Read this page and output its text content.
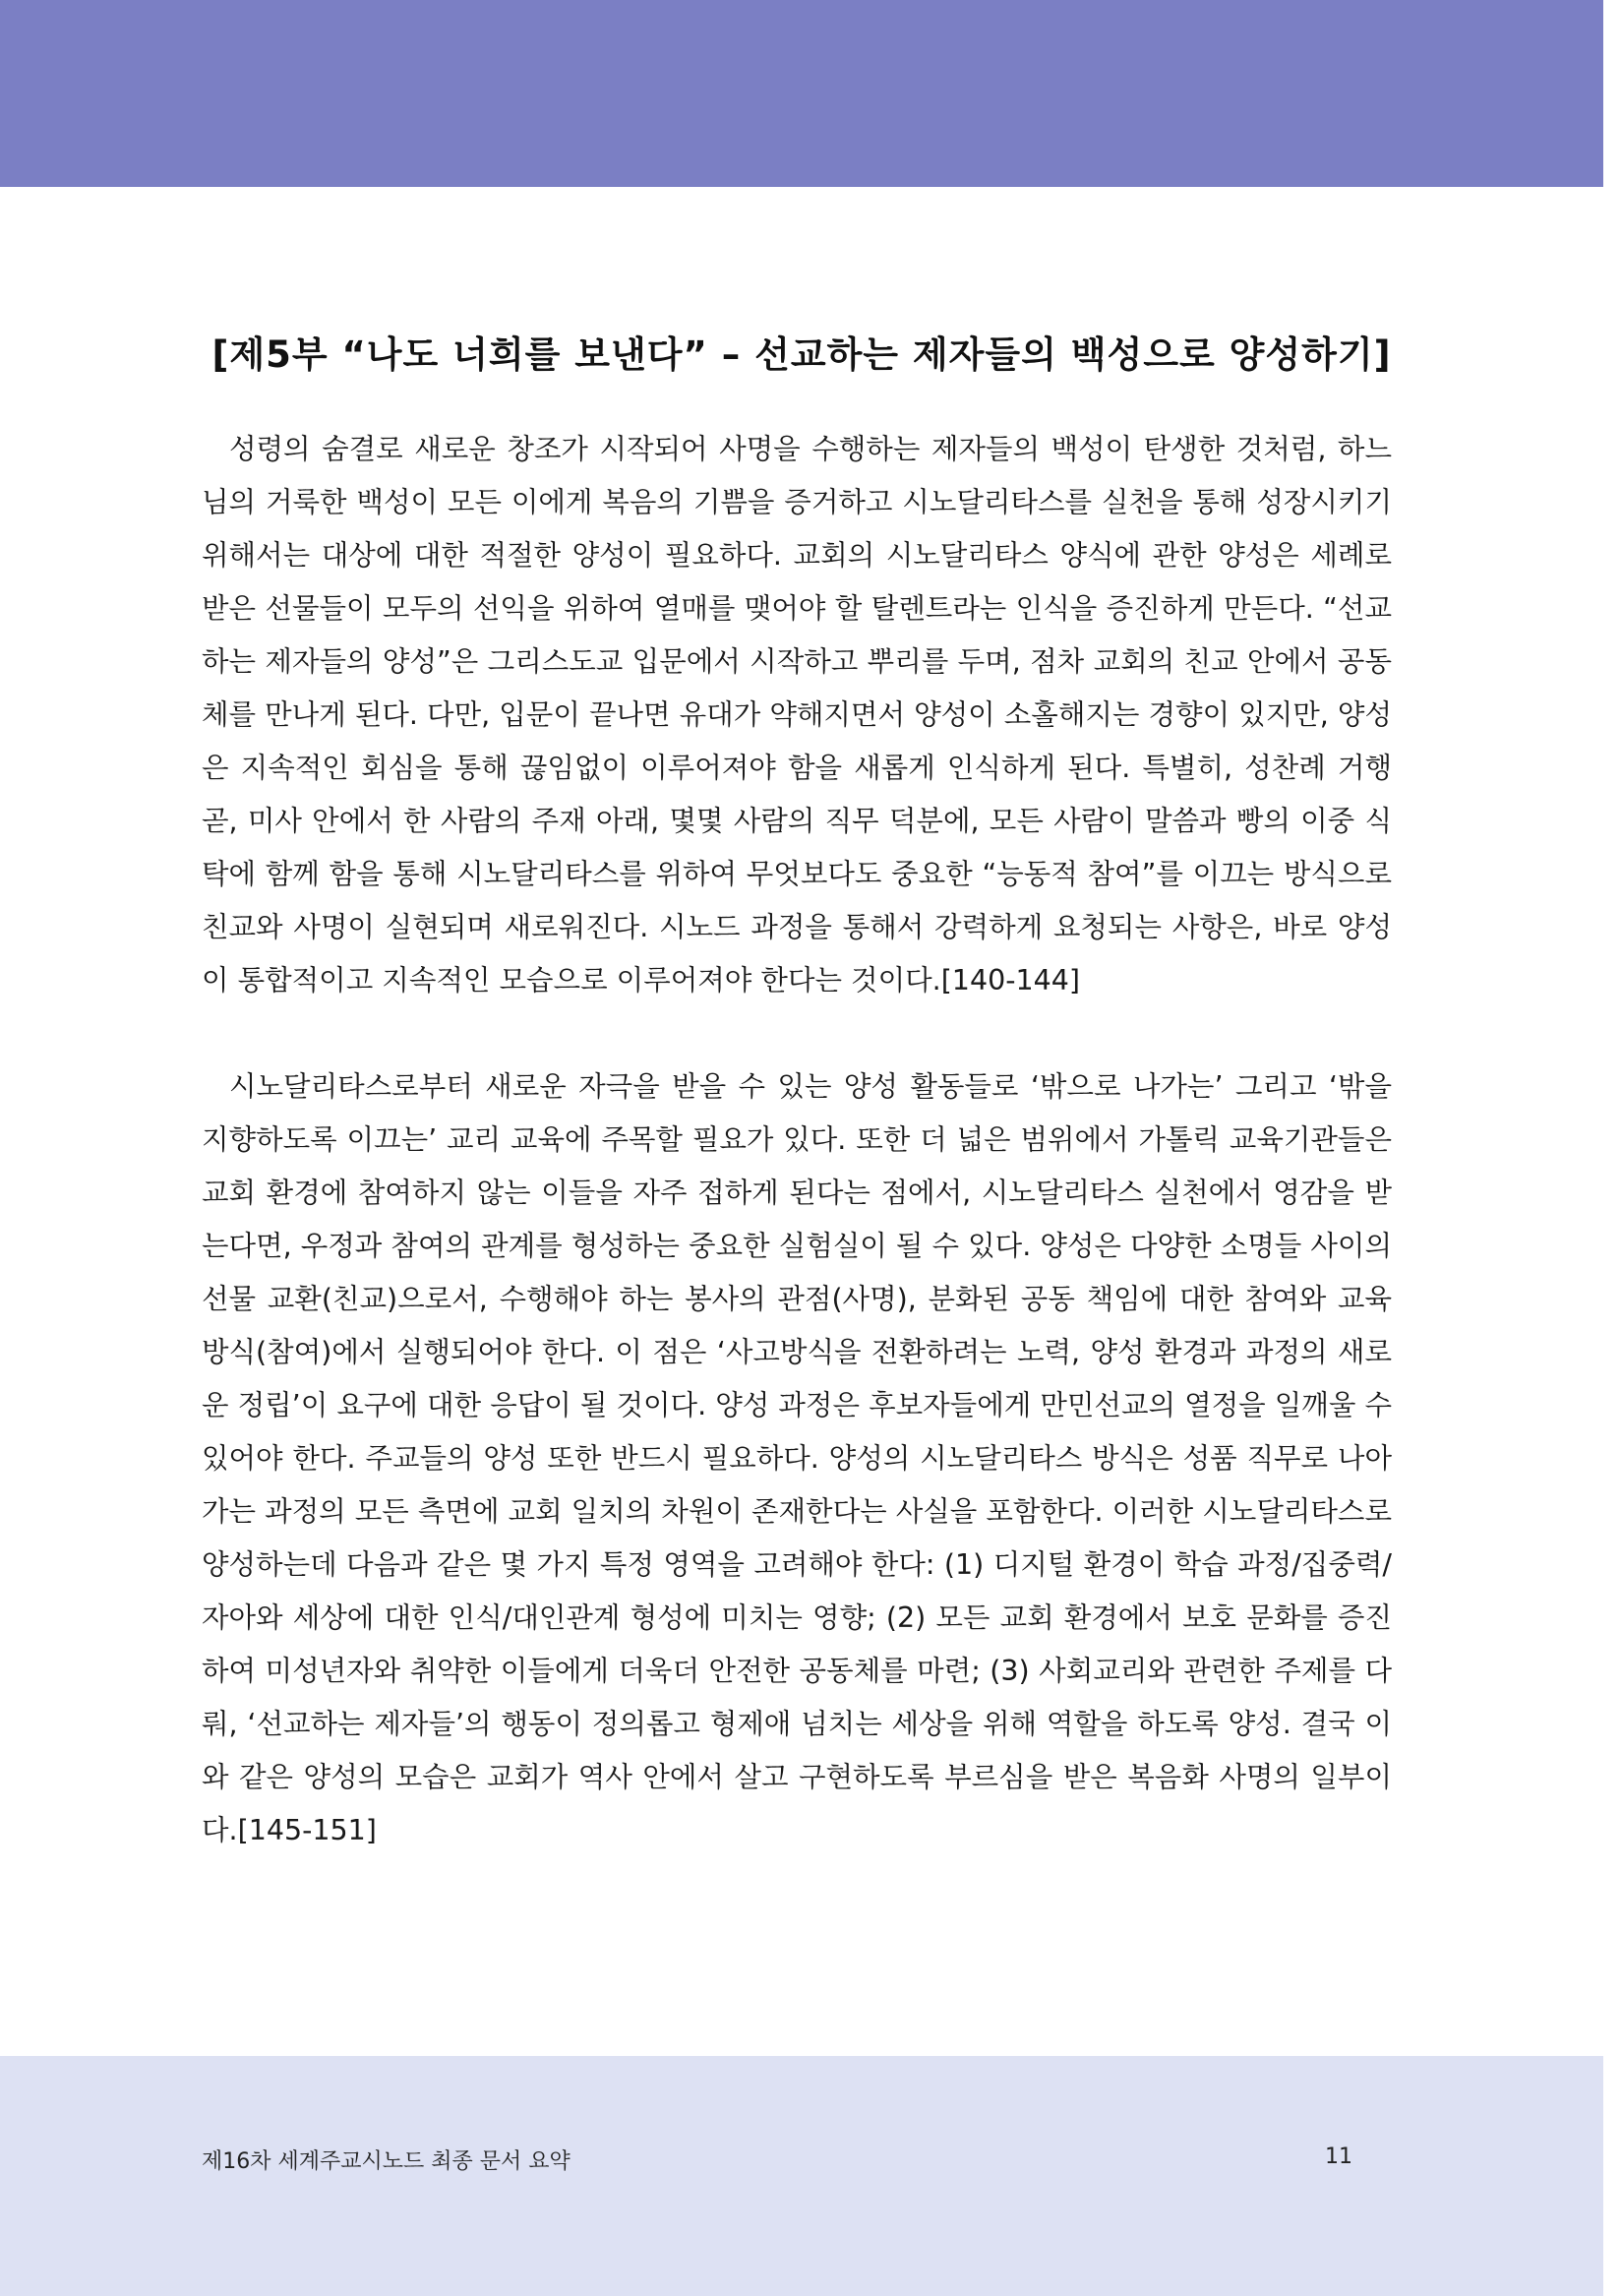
[제5부 “나도 너희를 보낸다” – 선교하는 제자들의 백성으로 양성하기]

성령의 숨결로 새로운 창조가 시작되어 사명을 수행하는 제자들의 백성이 탄생한 것처럼, 하느님의 거룩한 백성이 모든 이에게 복음의 기쁨을 증거하고 시노달리타스를 실천을 통해 성장시키기 위해서는 대상에 대한 적절한 양성이 필요하다. 교회의 시노달리타스 양식에 관한 양성은 세례로 받은 선물들이 모두의 선익을 위하여 열매를 맺어야 할 탈렌트라는 인식을 증진하게 만든다. “선교하는 제자들의 양성”은 그리스도교 입문에서 시작하고 뿌리를 두며, 점차 교회의 친교 안에서 공동체를 만나게 된다. 다만, 입문이 끝나면 유대가 약해지면서 양성이 소홀해지는 경향이 있지만, 양성은 지속적인 회심을 통해 끊임없이 이루어져야 함을 새롭게 인식하게 된다. 특별히, 성찬례 거행 곧, 미사 안에서 한 사람의 주재 아래, 몇몇 사람의 직무 덕분에, 모든 사람이 말씀과 빵의 이중 식탁에 함께 함을 통해 시노달리타스를 위하여 무엇보다도 중요한 “능동적 참여”를 이끄는 방식으로 친교와 사명이 실현되며 새로워진다. 시노드 과정을 통해서 강력하게 요청되는 사항은, 바로 양성이 통합적이고 지속적인 모습으로 이루어져야 한다는 것이다.[140-144]

시노달리타스로부터 새로운 자극을 받을 수 있는 양성 활동들로 ‘밖으로 나가는’ 그리고 ‘밖을 지향하도록 이끄는’ 교리 교육에 주목할 필요가 있다. 또한 더 넓은 범위에서 가톨릭 교육기관들은 교회 환경에 참여하지 않는 이들을 자주 접하게 된다는 점에서, 시노달리타스 실천에서 영감을 받는다면, 우정과 참여의 관계를 형성하는 중요한 실험실이 될 수 있다. 양성은 다양한 소명들 사이의 선물 교환(친교)으로서, 수행해야 하는 봉사의 관점(사명), 분화된 공동 책임에 대한 참여와 교육 방식(참여)에서 실행되어야 한다. 이 점은 ‘사고방식을 전환하려는 노력, 양성 환경과 과정의 새로운 정립’이 요구에 대한 응답이 될 것이다. 양성 과정은 후보자들에게 만민선교의 열정을 일깨울 수 있어야 한다. 주교들의 양성 또한 반드시 필요하다. 양성의 시노달리타스 방식은 성품 직무로 나아가는 과정의 모든 측면에 교회 일치의 차원이 존재한다는 사실을 포함한다. 이러한 시노달리타스로 양성하는데 다음과 같은 몇 가지 특정 영역을 고려해야 한다: (1) 디지털 환경이 학습 과정/집중력/자아와 세상에 대한 인식/대인관계 형성에 미치는 영향; (2) 모든 교회 환경에서 보호 문화를 증진하여 미성년자와 취약한 이들에게 더욱더 안전한 공동체를 마련; (3) 사회교리와 관련한 주제를 다뤄, ‘선교하는 제자들’의 행동이 정의롭고 형제애 넘치는 세상을 위해 역할을 하도록 양성. 결국 이와 같은 양성의 모습은 교회가 역사 안에서 살고 구현하도록 부르심을 받은 복음화 사명의 일부이다.[145-151]

제16차 세계주교시노드 최종 문서 요약	11
